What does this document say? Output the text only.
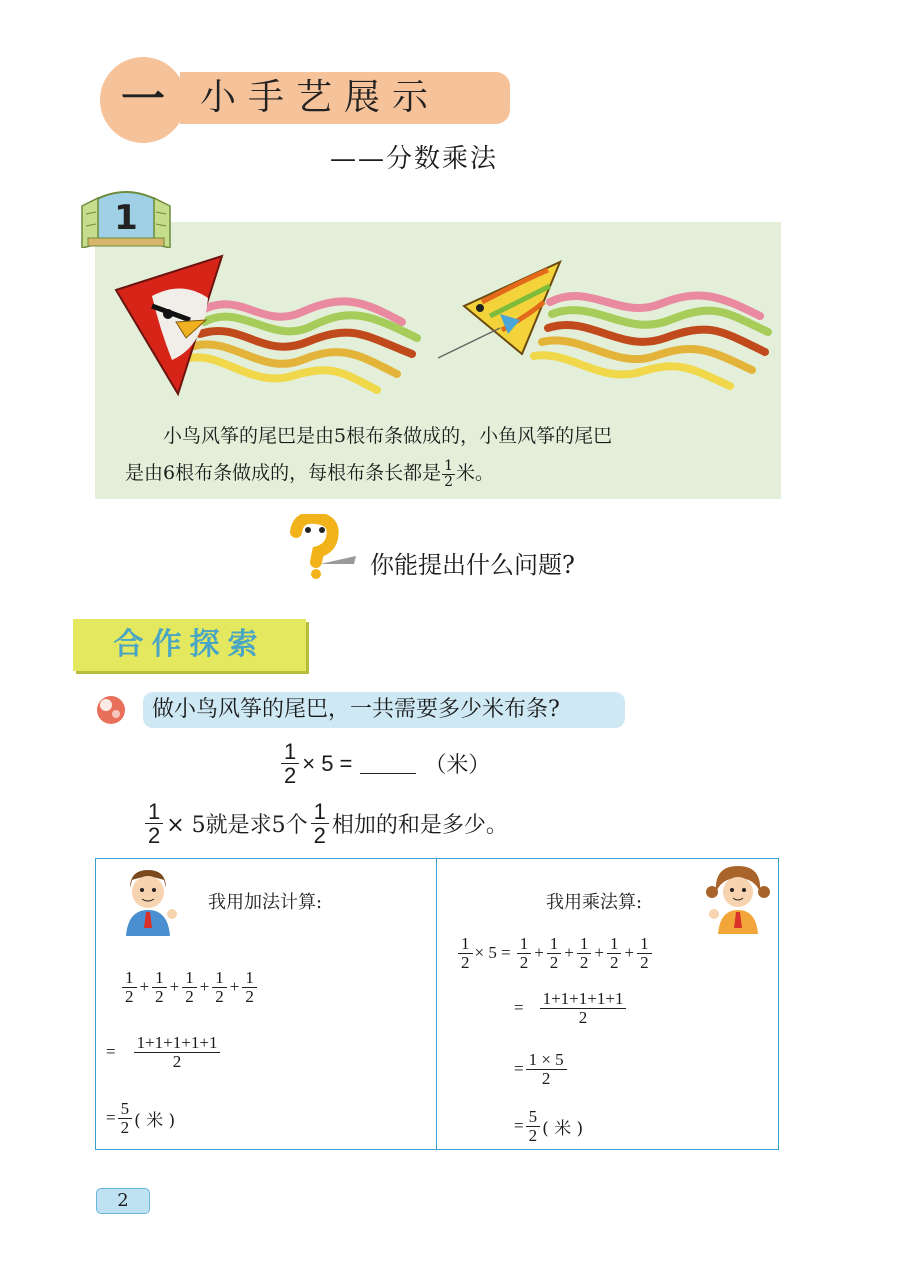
一 小手艺展示
——分数乘法
1

小鸟风筝的尾巴是由5根布条做成的，小鱼风筝的尾巴

是由6根布条做成的，每根布条长都是 $\frac{1}{2}$ 米。

你能提出什么问题?
合作探索
做小鸟风筝的尾巴，一共需要多少米布条?
$\frac{1}{2} \times 5$ =	（米）
$\frac{1}{2} \times 5$就是求5个 $\frac{1}{2}$ 相加的和是多少。
我用加法计算:
$\frac{1}{2} + \frac{1}{2} + \frac{1}{2} + \frac{1}{2} + \frac{1}{2}$
= $\frac{1+1+1+1+1}{2}$
= $\frac{5}{2}$ ( 米 )
我用乘法算:
$\frac{1}{2} \times 5 = \frac{1}{2} + \frac{1}{2} + \frac{1}{2} + \frac{1}{2} + \frac{1}{2}$
= $\frac{1+1+1+1+1}{2}$
= $\frac{1 \times 5}{2}$
= $\frac{5}{2}$ ( 米 )
2
